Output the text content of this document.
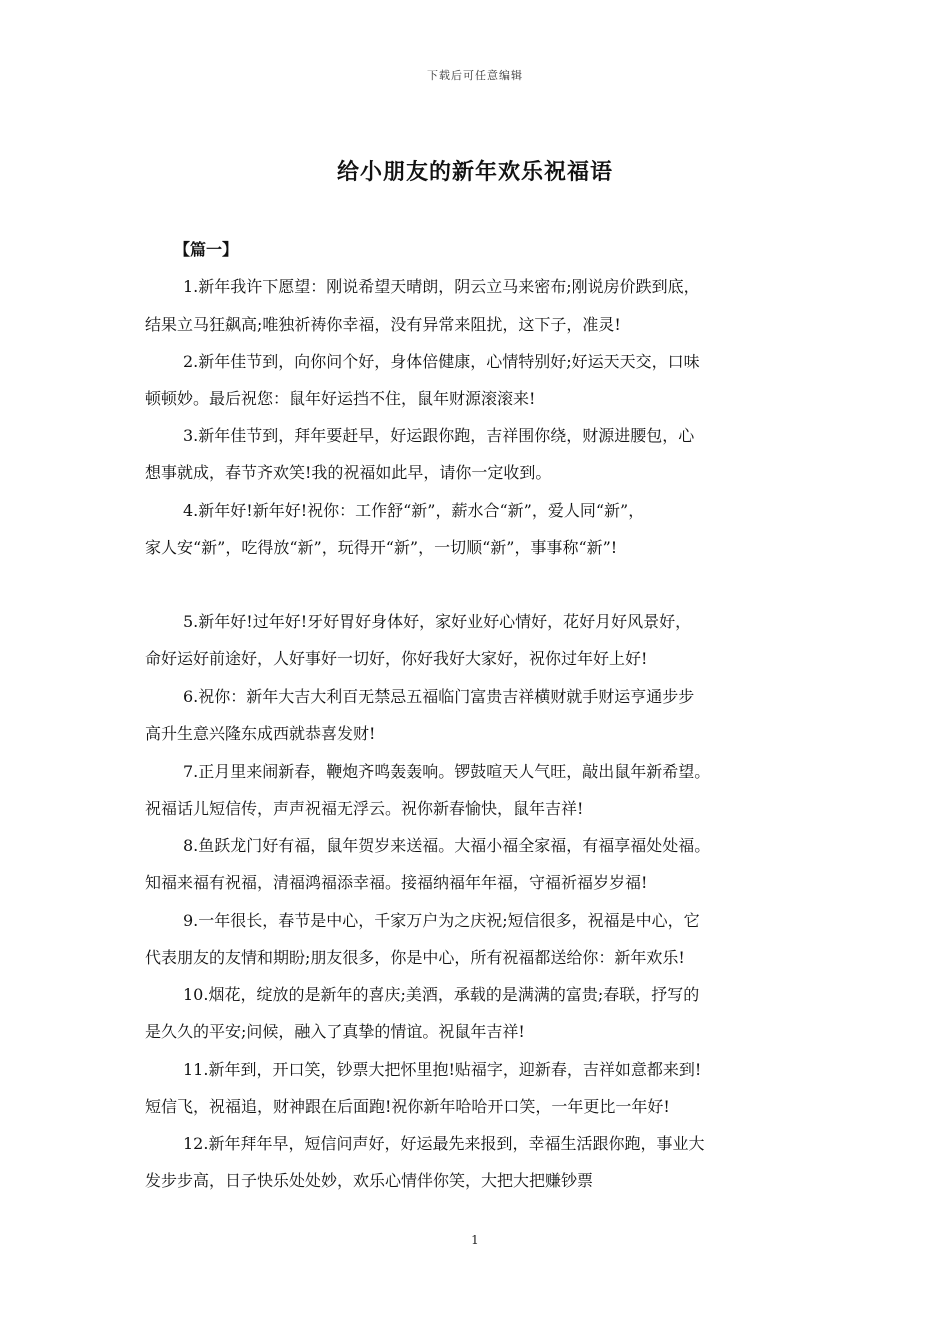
下载后可任意编辑
给小朋友的新年欢乐祝福语
【篇一】
1.新年我许下愿望：刚说希望天晴朗，阴云立马来密布;刚说房价跌到底，
结果立马狂飙高;唯独祈祷你幸福，没有异常来阻扰，这下子，准灵!
2.新年佳节到，向你问个好，身体倍健康，心情特别好;好运天天交，口味
顿顿妙。最后祝您：鼠年好运挡不住，鼠年财源滚滚来!
3.新年佳节到，拜年要赶早，好运跟你跑，吉祥围你绕，财源进腰包，心
想事就成，春节齐欢笑!我的祝福如此早，请你一定收到。
4.新年好!新年好!祝你：工作舒“新”，薪水合“新”，爱人同“新”，
家人安“新”，吃得放“新”，玩得开“新”，一切顺“新”，事事称“新”!
5.新年好!过年好!牙好胃好身体好，家好业好心情好，花好月好风景好，
命好运好前途好，人好事好一切好，你好我好大家好，祝你过年好上好!
6.祝你：新年大吉大利百无禁忌五福临门富贵吉祥横财就手财运亨通步步
高升生意兴隆东成西就恭喜发财!
7.正月里来闹新春，鞭炮齐鸣轰轰响。锣鼓喧天人气旺，敲出鼠年新希望。
祝福话儿短信传，声声祝福无浮云。祝你新春愉快，鼠年吉祥!
8.鱼跃龙门好有福，鼠年贺岁来送福。大福小福全家福，有福享福处处福。
知福来福有祝福，清福鸿福添幸福。接福纳福年年福，守福祈福岁岁福!
9.一年很长，春节是中心，千家万户为之庆祝;短信很多，祝福是中心，它
代表朋友的友情和期盼;朋友很多，你是中心，所有祝福都送给你：新年欢乐!
10.烟花，绽放的是新年的喜庆;美酒，承载的是满满的富贵;春联，抒写的
是久久的平安;问候，融入了真挚的情谊。祝鼠年吉祥!
11.新年到，开口笑，钞票大把怀里抱!贴福字，迎新春，吉祥如意都来到!
短信飞，祝福追，财神跟在后面跑!祝你新年哈哈开口笑，一年更比一年好!
12.新年拜年早，短信问声好，好运最先来报到，幸福生活跟你跑，事业大
发步步高，日子快乐处处妙，欢乐心情伴你笑，大把大把赚钞票
1
